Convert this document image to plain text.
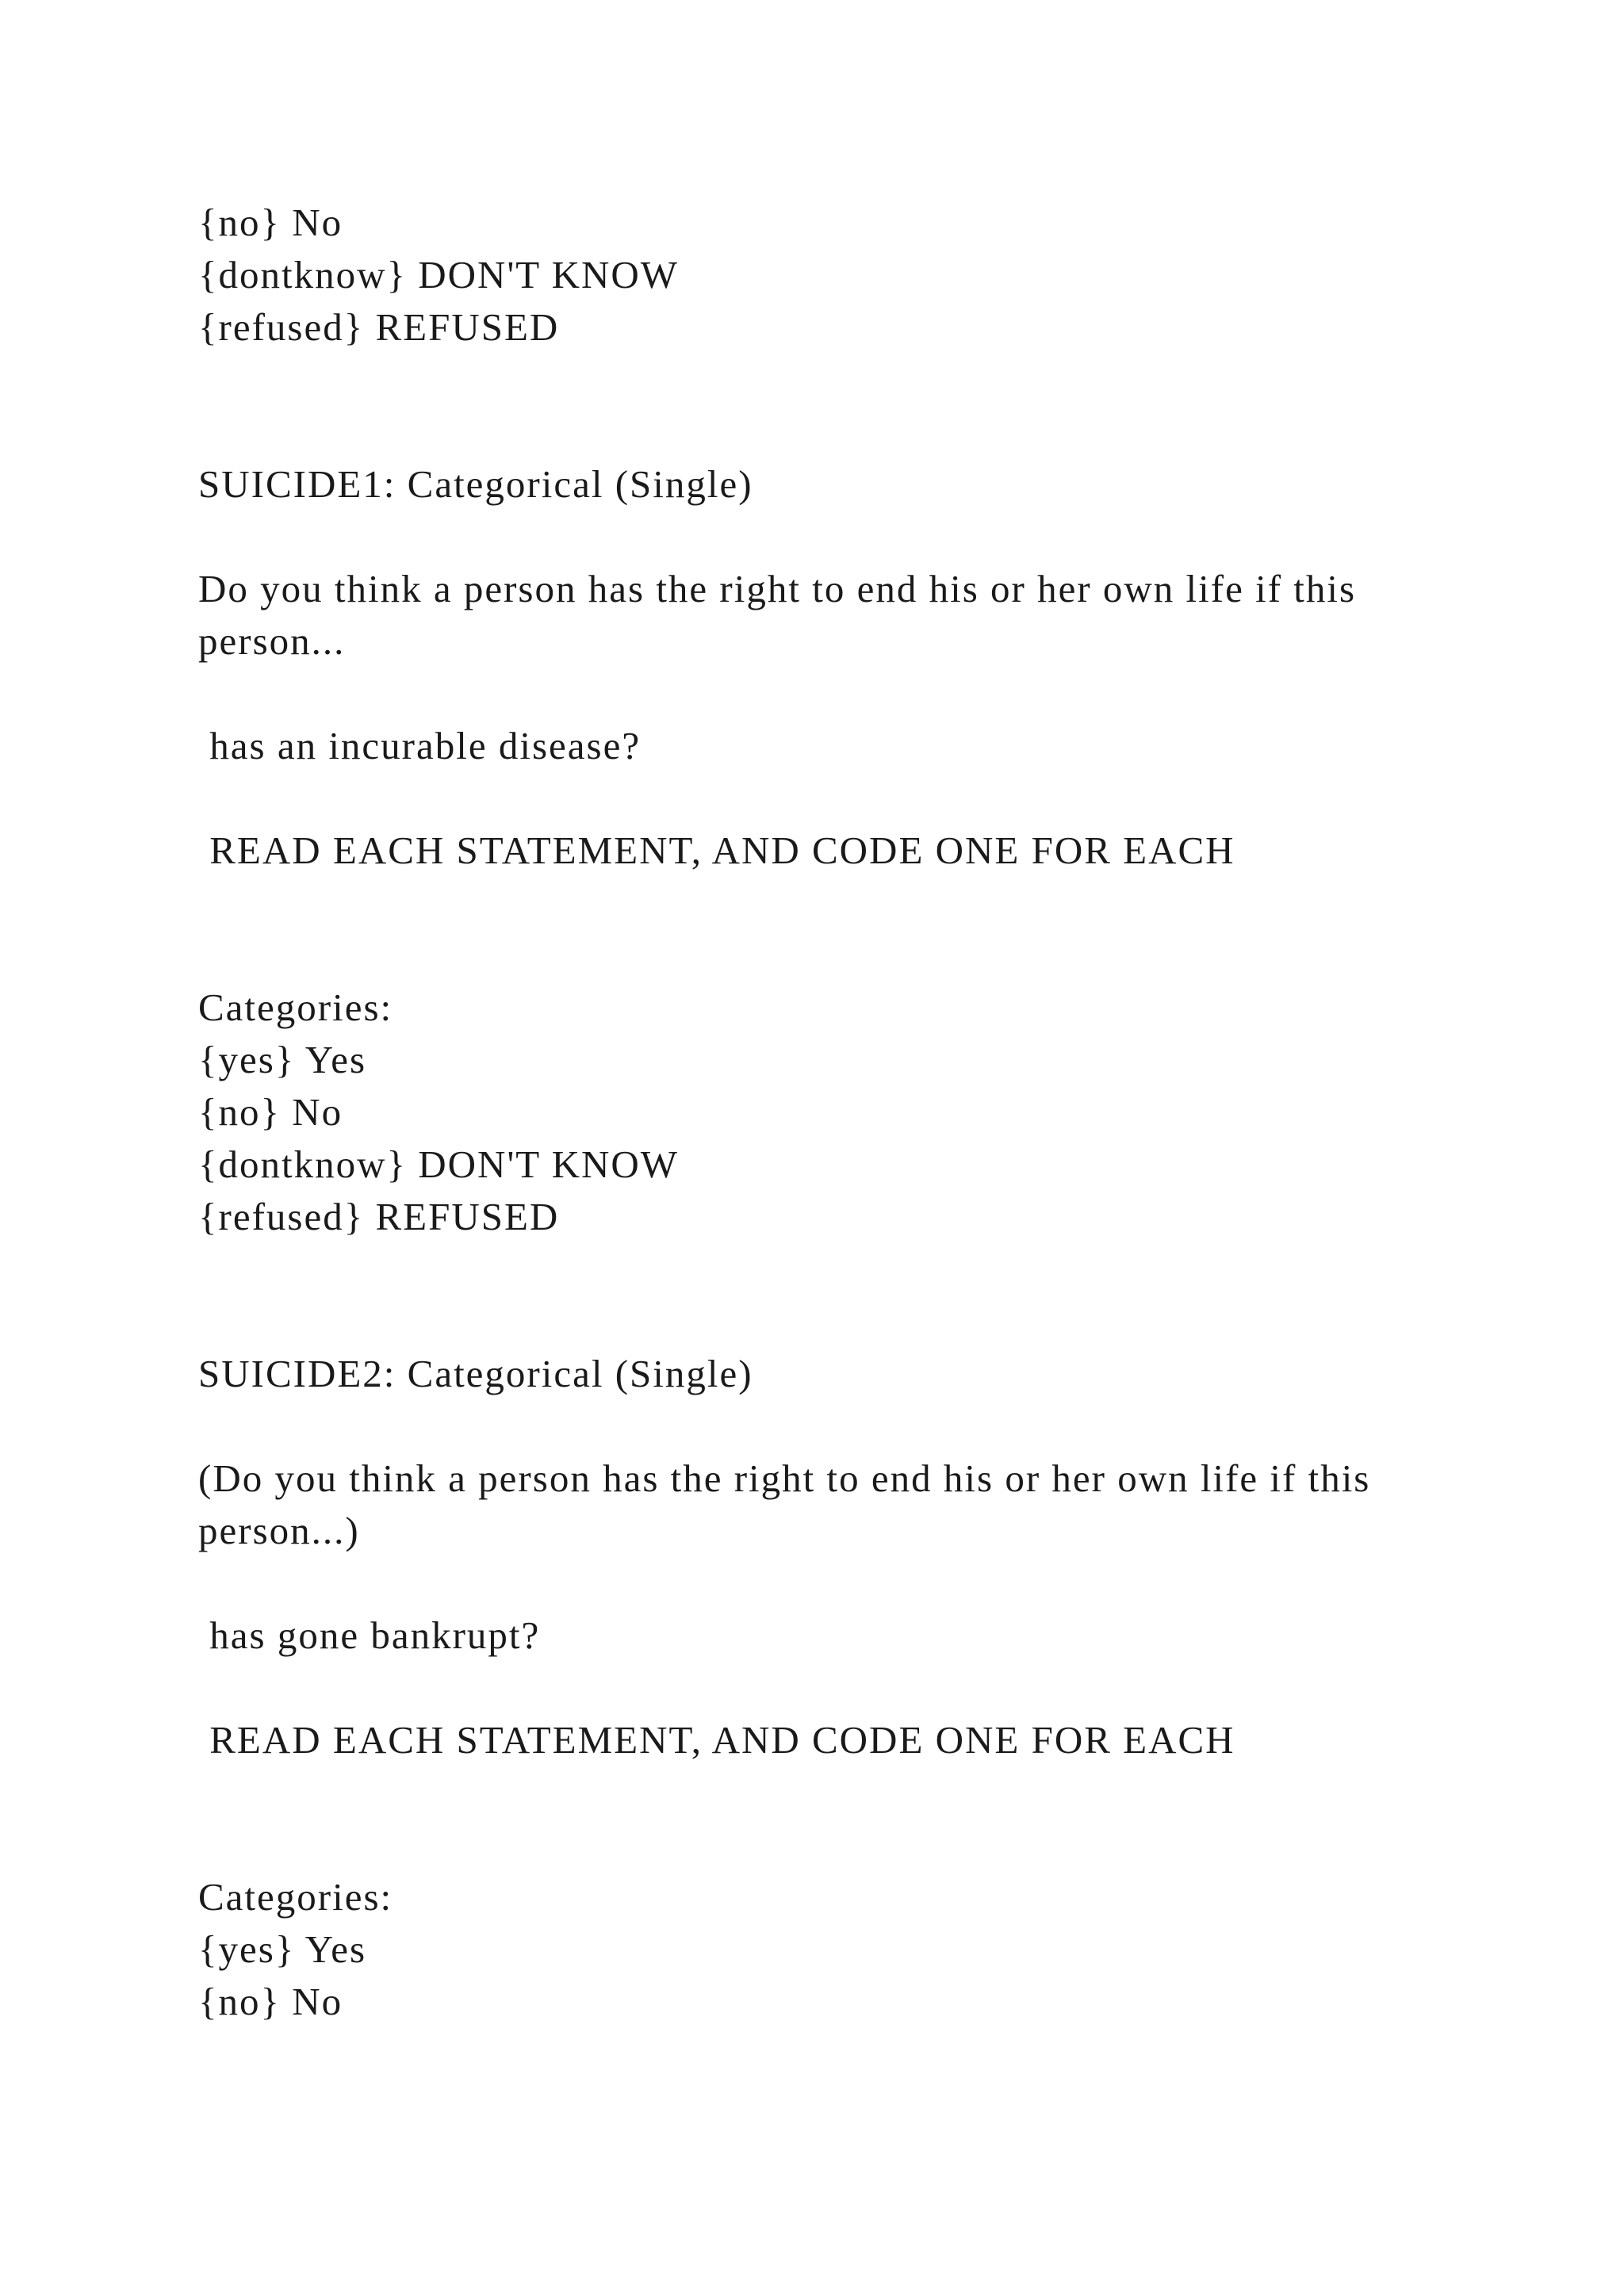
{no} No

{dontknow} DON'T KNOW

{refused} REFUSED

SUICIDE1: Categorical (Single)

Do you think a person has the right to end his or her own life if this person...

has an incurable disease?

READ EACH STATEMENT, AND CODE ONE FOR EACH

Categories:

{yes} Yes

{no} No

{dontknow} DON'T KNOW

{refused} REFUSED

SUICIDE2: Categorical (Single)

(Do you think a person has the right to end his or her own life if this person...)

has gone bankrupt?

READ EACH STATEMENT, AND CODE ONE FOR EACH

Categories:

{yes} Yes

{no} No
